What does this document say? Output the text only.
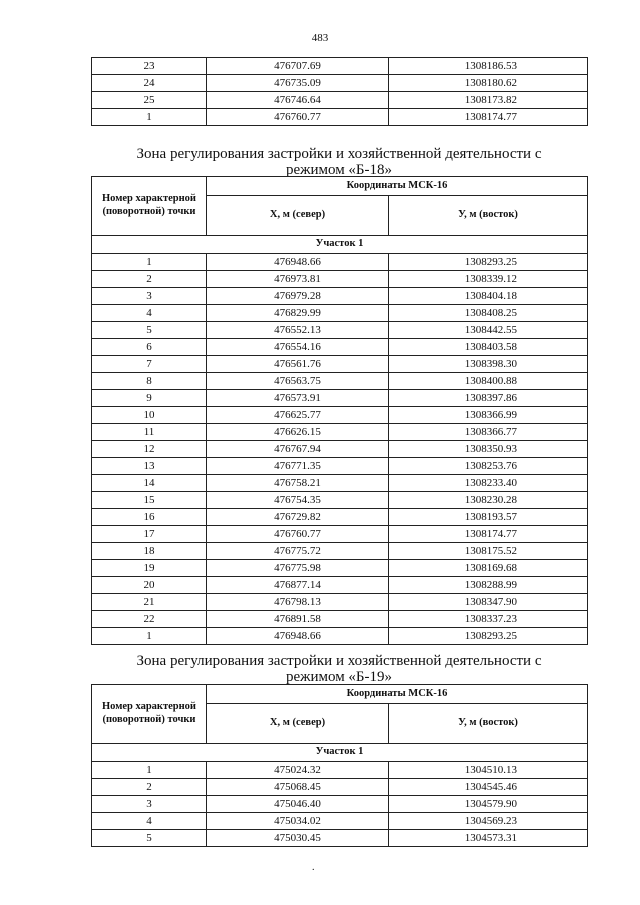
483
23	476707.69	1308186.53
24	476735.09	1308180.62
25	476746.64	1308173.82
1	476760.77	1308174.77
Зона регулирования застройки и хозяйственной деятельности с
режимом «Б-18»
Номер характерной (поворотной) точки	Координаты МСК-16	
	X, м (север)	У, м (восток)
Участок 1		
1	476948.66	1308293.25
2	476973.81	1308339.12
3	476979.28	1308404.18
4	476829.99	1308408.25
5	476552.13	1308442.55
6	476554.16	1308403.58
7	476561.76	1308398.30
8	476563.75	1308400.88
9	476573.91	1308397.86
10	476625.77	1308366.99
11	476626.15	1308366.77
12	476767.94	1308350.93
13	476771.35	1308253.76
14	476758.21	1308233.40
15	476754.35	1308230.28
16	476729.82	1308193.57
17	476760.77	1308174.77
18	476775.72	1308175.52
19	476775.98	1308169.68
20	476877.14	1308288.99
21	476798.13	1308347.90
22	476891.58	1308337.23
1	476948.66	1308293.25
Зона регулирования застройки и хозяйственной деятельности с
режимом «Б-19»
Номер характерной (поворотной) точки	Координаты МСК-16	
	X, м (север)	У, м (восток)
Участок 1		
1	475024.32	1304510.13
2	475068.45	1304545.46
3	475046.40	1304579.90
4	475034.02	1304569.23
5	475030.45	1304573.31
.
